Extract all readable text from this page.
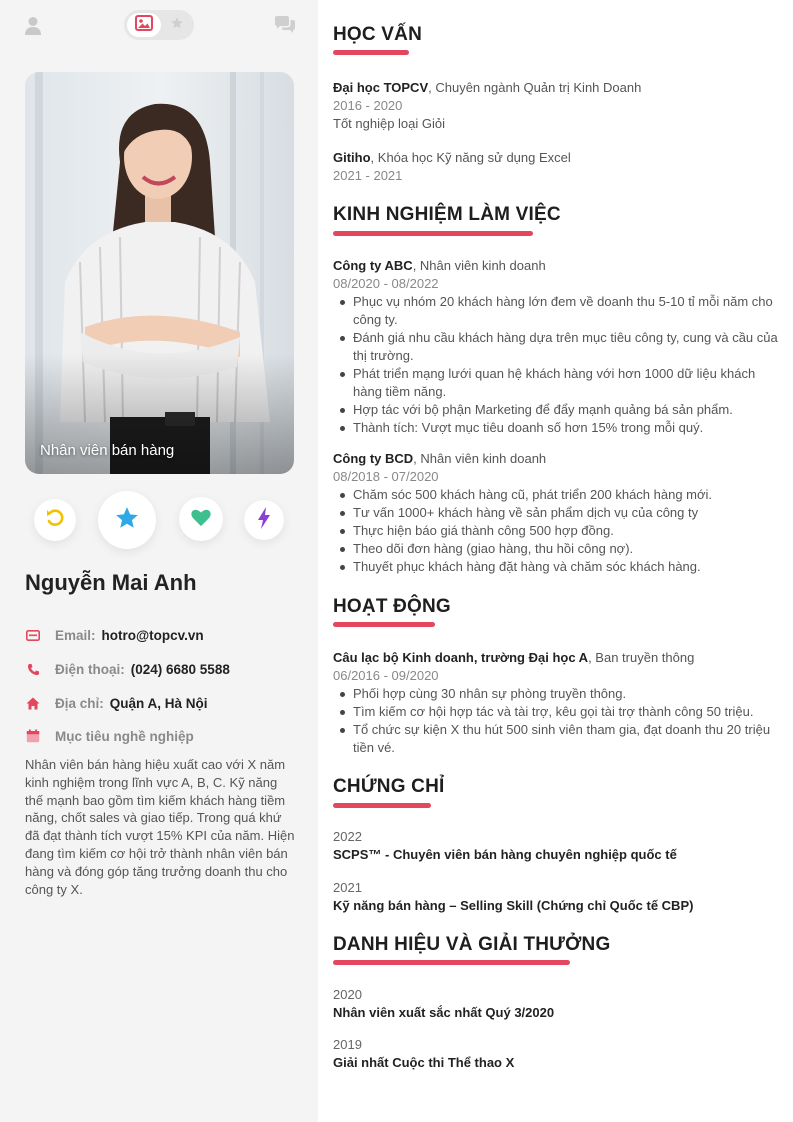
Nhân viên bán hàng
Nguyễn Mai Anh
Email: hotro@topcv.vn
Điện thoại: (024) 6680 5588
Địa chỉ: Quận A, Hà Nội
Mục tiêu nghề nghiệp
Nhân viên bán hàng hiệu xuất cao với X năm kinh nghiệm trong lĩnh vực A, B, C. Kỹ năng thế mạnh bao gồm tìm kiếm khách hàng tiềm năng, chốt sales và giao tiếp. Trong quá khứ đã đạt thành tích vượt 15% KPI của năm. Hiện đang tìm kiếm cơ hội trở thành nhân viên bán hàng và đóng góp tăng trưởng doanh thu cho công ty X.
HỌC VẤN
Đại học TOPCV, Chuyên ngành Quản trị Kinh Doanh
2016 - 2020
Tốt nghiệp loại Giỏi
Gitiho, Khóa học Kỹ năng sử dụng Excel
2021 - 2021
KINH NGHIỆM LÀM VIỆC
Công ty ABC, Nhân viên kinh doanh
08/2020 - 08/2022
Phục vụ nhóm 20 khách hàng lớn đem về doanh thu 5-10 tỉ mỗi năm cho công ty.
Đánh giá nhu cầu khách hàng dựa trên mục tiêu công ty, cung và cầu của thị trường.
Phát triển mạng lưới quan hệ khách hàng với hơn 1000 dữ liệu khách hàng tiềm năng.
Hợp tác với bộ phận Marketing để đẩy mạnh quảng bá sản phẩm.
Thành tích: Vượt mục tiêu doanh số hơn 15% trong mỗi quý.
Công ty BCD, Nhân viên kinh doanh
08/2018 - 07/2020
Chăm sóc 500 khách hàng cũ, phát triển 200 khách hàng mới.
Tư vấn 1000+ khách hàng về sản phẩm dịch vụ của công ty
Thực hiện báo giá thành công 500 hợp đồng.
Theo dõi đơn hàng (giao hàng, thu hồi công nợ).
Thuyết phục khách hàng đặt hàng và chăm sóc khách hàng.
HOẠT ĐỘNG
Câu lạc bộ Kinh doanh, trường Đại học A, Ban truyền thông
06/2016 - 09/2020
Phối hợp cùng 30 nhân sự phòng truyền thông.
Tìm kiếm cơ hội hợp tác và tài trợ, kêu gọi tài trợ thành công 50 triệu.
Tổ chức sự kiện X thu hút 500 sinh viên tham gia, đạt doanh thu 20 triệu tiền vé.
CHỨNG CHỈ
2022
SCPS™ - Chuyên viên bán hàng chuyên nghiệp quốc tế
2021
Kỹ năng bán hàng – Selling Skill (Chứng chỉ Quốc tế CBP)
DANH HIỆU VÀ GIẢI THƯỞNG
2020
Nhân viên xuất sắc nhất Quý 3/2020
2019
Giải nhất Cuộc thi Thể thao X
